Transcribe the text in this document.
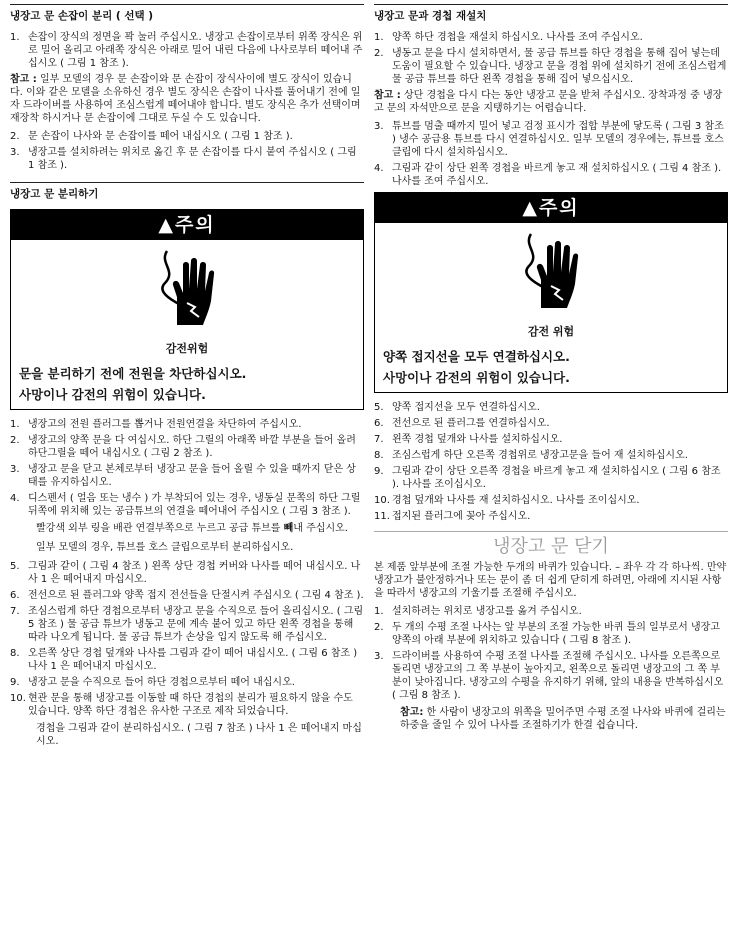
냉장고 문 손잡이 분리 ( 선택 )
1. 손잡이 장식의 정면을 꽉 눌러 주십시오. 냉장고 손잡이로부터 위쪽 장식은 위로 밀어 올리고 아래쪽 장식은 아래로 밀어 내린 다음에 나사로부터 떼어내 주십시오 ( 그림 1 참조 ).

참고 : 일부 모델의 경우 문 손잡이와 문 손잡이 장식사이에 별도 장식이 있습니다. 이와 같은 모델을 소유하신 경우 별도 장식은 손잡이 나사를 풀어내기 전에 일자 드라이버를 사용하여 조심스럽게 떼어내야 합니다. 별도 장식은 추가 선택이며 재장착 하시거나 문 손잡이에 그대로 두실 수 도 있습니다.

2. 문 손잡이 나사와 문 손잡이를 떼어 내십시오 ( 그림 1 참조 ).
3. 냉장고를 설치하려는 위치로 옮긴 후 문 손잡이를 다시 붙여 주십시오 ( 그림 1 참조 ).
냉장고 문 분리하기
▲주의
감전위험
문을 분리하기 전에 전원을 차단하십시오.
사망이나 감전의 위험이 있습니다.
1. 냉장고의 전원 플러그를 뽑거나 전원연결을 차단하여 주십시오.
2. 냉장고의 양쪽 문을 다 여십시오. 하단 그릴의 아래쪽 바깥 부분을 들어 올려 하단그릴을 떼어 내십시오 ( 그림 2 참조 ).
3. 냉장고 문을 닫고 본체로부터 냉장고 문을 들어 올릴 수 있을 때까지 닫은 상태를 유지하십시오.
4. 디스펜서 ( 얼음 또는 냉수 ) 가 부착되어 있는 경우, 냉동실 문쪽의 하단 그릴 뒤쪽에 위치해 있는 공급튜브의 연결을 떼어내어 주십시오 ( 그림 3 참조 ).
빨강색 외부 링을 배관 연결부쪽으로 누르고 공급 튜브를 빼내 주십시오.
일부 모델의 경우, 튜브를 호스 클립으로부터 분리하십시오.
5. 그림과 같이 ( 그림 4 참조 ) 왼쪽 상단 경첩 커버와 나사를 떼어 내십시오. 나사 1 은 떼어내지 마십시오.
6. 전선으로 된 플러그와 양쪽 접지 전선들을 단절시켜 주십시오 ( 그림 4 참조 ).
7. 조심스럽게 하단 경첩으로부터 냉장고 문을 수직으로 들어 올리십시오. ( 그림 5 참조 ) 물 공급 튜브가 냉동고 문에 계속 붙어 있고 하단 왼쪽 경첩을 통해 따라 나오게 됩니다. 물 공급 튜브가 손상을 입지 않도록 해 주십시오.
8. 오른쪽 상단 경첩 덮개와 나사를 그림과 같이 떼어 내십시오. ( 그림 6 참조 ) 나사 1 은 떼어내지 마십시오.
9. 냉장고 문을 수직으로 들어 하단 경첩으로부터 떼어 내십시오.
10. 현관 문을 통해 냉장고를 이동할 때 하단 경첩의 분리가 필요하지 않을 수도 있습니다. 양쪽 하단 경첩은 유사한 구조로 제작 되었습니다.
경첩을 그림과 같이 분리하십시오. ( 그림 7 참조 ) 나사 1 은 떼어내지 마십시오.
냉장고 문과 경첩 재설치
1. 양쪽 하단 경첩을 재설치 하십시오. 나사를 조여 주십시오.
2. 냉동고 문을 다시 설치하면서, 물 공급 튜브를 하단 경첩을 통해 집어 넣는데 도움이 필요할 수 있습니다. 냉장고 문을 경첩 위에 설치하기 전에 조심스럽게 물 공급 튜브를 하단 왼쪽 경첩을 통해 집어 넣으십시오.

참고 : 상단 경첩을 다시 다는 동안 냉장고 문을 받쳐 주십시오. 장착과정 중 냉장고 문의 자석만으로 문을 지탱하기는 어렵습니다.

3. 튜브를 멈출 때까지 밀어 넣고 검정 표시가 접합 부분에 닿도록 ( 그림 3 참조 ) 냉수 공급용 튜브를 다시 연결하십시오. 일부 모델의 경우에는, 튜브를 호스 클립에 다시 설치하십시오.
4. 그림과 같이 상단 왼쪽 경첩을 바르게 놓고 재 설치하십시오 ( 그림 4 참조 ). 나사를 조여 주십시오.
▲주의
감전 위험
양쪽 접지선을 모두 연결하십시오.
사망이나 감전의 위험이 있습니다.
5. 양쪽 접지선을 모두 연결하십시오.
6. 전선으로 된 플러그를 연결하십시오.
7. 왼쪽 경첩 덮개와 나사를 설치하십시오.
8. 조심스럽게 하단 오른쪽 경첩위로 냉장고문을 들어 재 설치하십시오.
9. 그림과 같이 상단 오른쪽 경첩을 바르게 놓고 재 설치하십시오 ( 그림 6 참조 ). 나사를 조이십시오.
10. 경첩 덮개와 나사를 재 설치하십시오. 나사를 조이십시오.
11. 접지된 플러그에 꽂아 주십시오.
냉장고 문 닫기

본 제품 앞부분에 조절 가능한 두개의 바퀴가 있습니다. – 좌우 각 각 하나씩. 만약 냉장고가 불안정하거나 또는 문이 좀 더 쉽게 닫히게 하려면, 아래에 지시된 사항을 따라서 냉장고의 기울기를 조절해 주십시오.

1. 설치하려는 위치로 냉장고를 옮겨 주십시오.
2. 두 개의 수평 조절 나사는 앞 부분의 조절 가능한 바퀴 틀의 일부로서 냉장고 양쪽의 아래 부분에 위치하고 있습니다 ( 그림 8 참조 ).
3. 드라이버를 사용하여 수평 조절 나사를 조절해 주십시오. 나사를 오른쪽으로 돌리면 냉장고의 그 쪽 부분이 높아지고, 왼쪽으로 돌리면 냉장고의 그 쪽 부분이 낮아집니다. 냉장고의 수평을 유지하기 위해, 앞의 내용을 반복하십시오 ( 그림 8 참조 ).
참고: 한 사람이 냉장고의 위쪽을 밀어주면 수평 조절 나사와 바퀴에 걸리는 하중을 줄일 수 있어 나사를 조절하기가 한결 쉽습니다.
